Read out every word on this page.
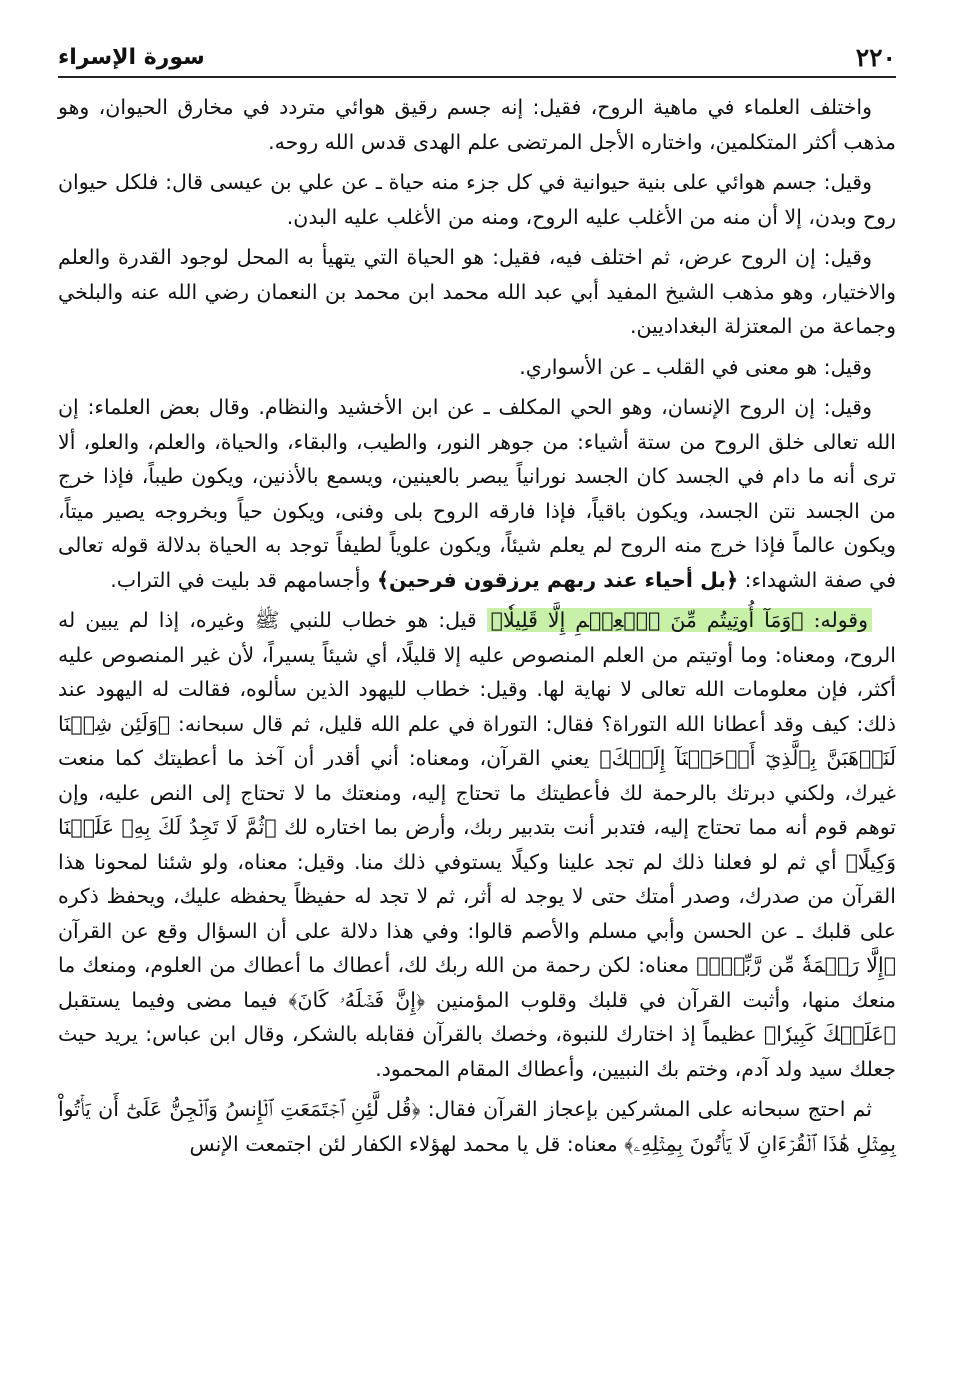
٢٢٠
سورة الإسراء

واختلف العلماء في ماهية الروح، فقيل: إنه جسم رقيق هوائي متردد في مخارق الحيوان، وهو مذهب أكثر المتكلمين، واختاره الأجل المرتضى علم الهدى قدس الله روحه.

وقيل: جسم هوائي على بنية حيوانية في كل جزء منه حياة ـ عن علي بن عيسى قال: فلكل حيوان روح وبدن، إلا أن منه من الأغلب عليه الروح، ومنه من الأغلب عليه البدن.

وقيل: إن الروح عرض، ثم اختلف فيه، فقيل: هو الحياة التي يتهيأ به المحل لوجود القدرة والعلم والاختيار، وهو مذهب الشيخ المفيد أبي عبد الله محمد ابن محمد بن النعمان رضي الله عنه والبلخي وجماعة من المعتزلة البغداديين.

وقيل: هو معنى في القلب ـ عن الأسواري.

وقيل: إن الروح الإنسان، وهو الحي المكلف ـ عن ابن الأخشيد والنظام. وقال بعض العلماء: إن الله تعالى خلق الروح من ستة أشياء: من جوهر النور، والطيب، والبقاء، والحياة، والعلم، والعلو، ألا ترى أنه ما دام في الجسد كان الجسد نورانياً يبصر بالعينين، ويسمع بالأذنين، ويكون طيباً، فإذا خرج من الجسد نتن الجسد، ويكون باقياً، فإذا فارقه الروح بلى وفنى، ويكون حياً وبخروجه يصير ميتاً، ويكون عالماً فإذا خرج منه الروح لم يعلم شيئاً، ويكون علوياً لطيفاً توجد به الحياة بدلالة قوله تعالى في صفة الشهداء: ﴿بل أحياء عند ربهم يرزقون فرحين﴾ وأجسامهم قد بليت في التراب.

وقوله: ﴿وَمَآ أُوتِيتُم مِّنَ ٱلۡعِلۡمِ إِلَّا قَلِيلٗا﴾ قيل: هو خطاب للنبي ﷺ وغيره، إذا لم يبين له الروح، ومعناه: وما أوتيتم من العلم المنصوص عليه إلا قليلًا، أي شيئاً يسيراً، لأن غير المنصوص عليه أكثر، فإن معلومات الله تعالى لا نهاية لها. وقيل: خطاب لليهود الذين سألوه، فقالت له اليهود عند ذلك: كيف وقد أعطانا الله التوراة؟ فقال: التوراة في علم الله قليل، ثم قال سبحانه: ﴿وَلَئِن شِئۡنَا لَنَذۡهَبَنَّ بِٱلَّذِيٓ أَوۡحَيۡنَآ إِلَيۡكَ﴾ يعني القرآن، ومعناه: أني أقدر أن آخذ ما أعطيتك كما منعت غيرك، ولكني دبرتك بالرحمة لك فأعطيتك ما تحتاج إليه، ومنعتك ما لا تحتاج إلى النص عليه، وإن توهم قوم أنه مما تحتاج إليه، فتدبر أنت بتدبير ربك، وأرض بما اختاره لك ﴿ثُمَّ لَا تَجِدُ لَكَ بِهِۦ عَلَيۡنَا وَكِيلًا﴾ أي ثم لو فعلنا ذلك لم تجد علينا وكيلًا يستوفي ذلك منا. وقيل: معناه، ولو شئنا لمحونا هذا القرآن من صدرك، وصدر أمتك حتى لا يوجد له أثر، ثم لا تجد له حفيظاً يحفظه عليك، ويحفظ ذكره على قلبك ـ عن الحسن وأبي مسلم والأصم قالوا: وفي هذا دلالة على أن السؤال وقع عن القرآن ﴿إِلَّا رَحۡمَةٗ مِّن رَّبِّكَۚ﴾ معناه: لكن رحمة من الله ربك لك، أعطاك ما أعطاك من العلوم، ومنعك ما منعك منها، وأثبت القرآن في قلبك وقلوب المؤمنين ﴿إِنَّ فَضۡلَهُۥ كَانَ﴾ فيما مضى وفيما يستقبل ﴿عَلَيۡكَ كَبِيرٗا﴾ عظيماً إذ اختارك للنبوة، وخصك بالقرآن فقابله بالشكر، وقال ابن عباس: يريد حيث جعلك سيد ولد آدم، وختم بك النبيين، وأعطاك المقام المحمود.

ثم احتج سبحانه على المشركين بإعجاز القرآن فقال: ﴿قُل لَّئِنِ ٱجۡتَمَعَتِ ٱلۡإِنسُ وَٱلۡجِنُّ عَلَىٰٓ أَن يَأۡتُواْ بِمِثۡلِ هَٰذَا ٱلۡقُرۡءَانِ لَا يَأۡتُونَ بِمِثۡلِهِۦ﴾ معناه: قل يا محمد لهؤلاء الكفار لئن اجتمعت الإنس
